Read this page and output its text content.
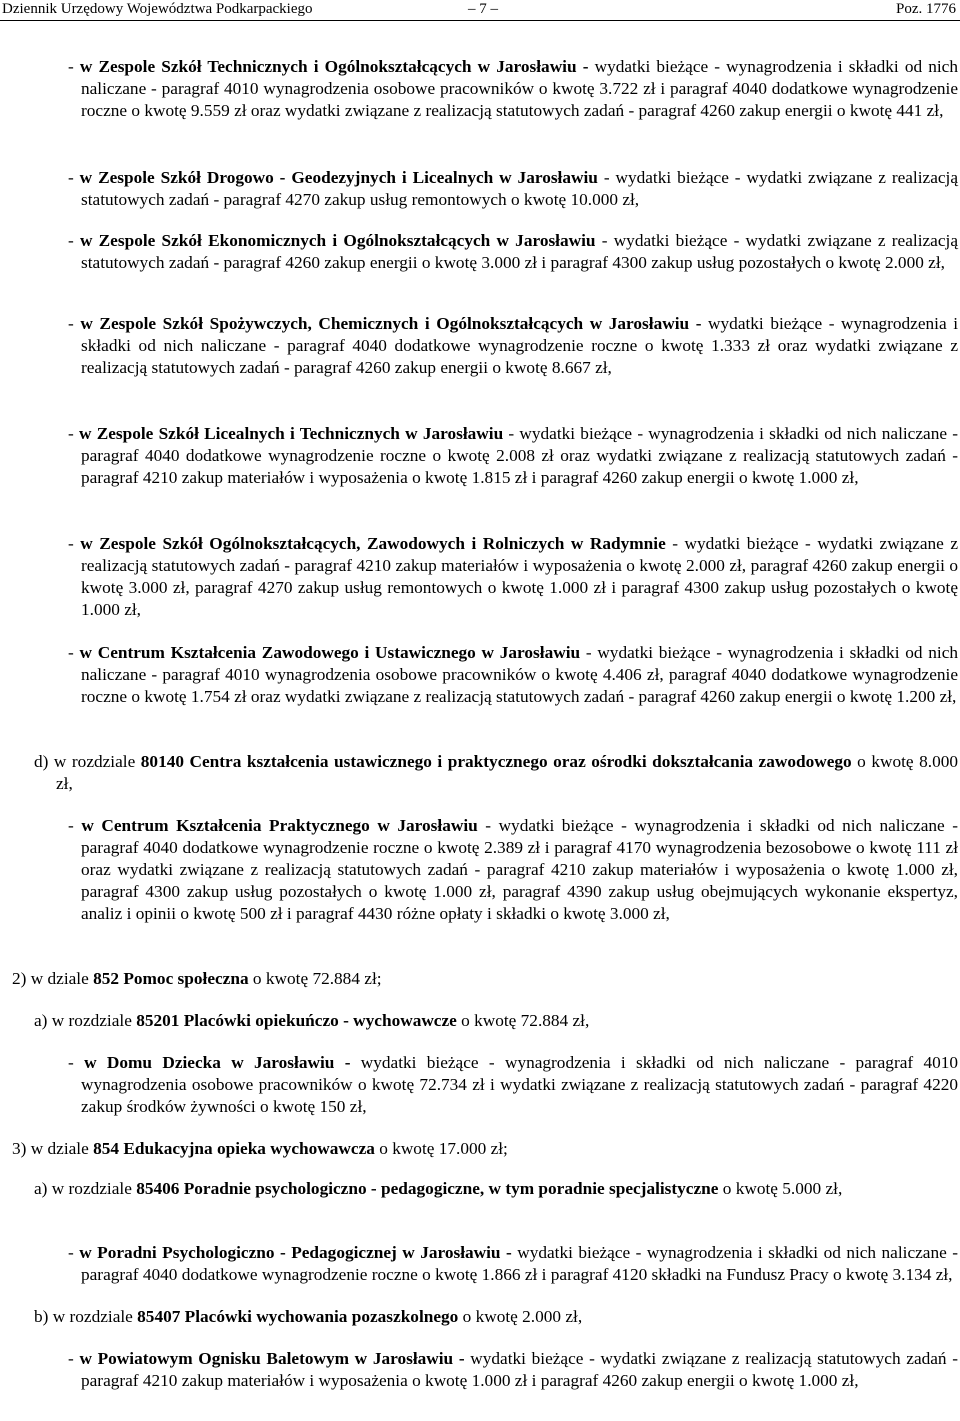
Dziennik Urzędowy Województwa Podkarpackiego	– 7 –	Poz. 1776
- w Zespole Szkół Technicznych i Ogólnokształcących w Jarosławiu - wydatki bieżące - wynagrodzenia i składki od nich naliczane - paragraf 4010 wynagrodzenia osobowe pracowników o kwotę 3.722 zł i paragraf 4040 dodatkowe wynagrodzenie roczne o kwotę 9.559 zł oraz wydatki związane z realizacją statutowych zadań - paragraf 4260 zakup energii o kwotę 441 zł,
- w Zespole Szkół Drogowo - Geodezyjnych i Licealnych w Jarosławiu - wydatki bieżące - wydatki związane z realizacją statutowych zadań - paragraf 4270 zakup usług remontowych o kwotę 10.000 zł,
- w Zespole Szkół Ekonomicznych i Ogólnokształcących w Jarosławiu - wydatki bieżące - wydatki związane z realizacją statutowych zadań - paragraf 4260 zakup energii o kwotę 3.000 zł i paragraf 4300 zakup usług pozostałych o kwotę 2.000 zł,
- w Zespole Szkół Spożywczych, Chemicznych i Ogólnokształcących w Jarosławiu - wydatki bieżące - wynagrodzenia i składki od nich naliczane - paragraf 4040 dodatkowe wynagrodzenie roczne o kwotę 1.333 zł oraz wydatki związane z realizacją statutowych zadań - paragraf 4260 zakup energii o kwotę 8.667 zł,
- w Zespole Szkół Licealnych i Technicznych w Jarosławiu - wydatki bieżące - wynagrodzenia i składki od nich naliczane - paragraf 4040 dodatkowe wynagrodzenie roczne o kwotę 2.008 zł oraz wydatki związane z realizacją statutowych zadań - paragraf 4210 zakup materiałów i wyposażenia o kwotę 1.815 zł i paragraf 4260 zakup energii o kwotę 1.000 zł,
- w Zespole Szkół Ogólnokształcących, Zawodowych i Rolniczych w Radymnie - wydatki bieżące - wydatki związane z realizacją statutowych zadań - paragraf 4210 zakup materiałów i wyposażenia o kwotę 2.000 zł, paragraf 4260 zakup energii o kwotę 3.000 zł, paragraf 4270 zakup usług remontowych o kwotę 1.000 zł i paragraf 4300 zakup usług pozostałych o kwotę 1.000 zł,
- w Centrum Kształcenia Zawodowego i Ustawicznego w Jarosławiu - wydatki bieżące - wynagrodzenia i składki od nich naliczane - paragraf 4010 wynagrodzenia osobowe pracowników o kwotę 4.406 zł, paragraf 4040 dodatkowe wynagrodzenie roczne o kwotę 1.754 zł oraz wydatki związane z realizacją statutowych zadań - paragraf 4260 zakup energii o kwotę 1.200 zł,
d) w rozdziale 80140 Centra kształcenia ustawicznego i praktycznego oraz ośrodki dokształcania zawodowego o kwotę 8.000 zł,
- w Centrum Kształcenia Praktycznego w Jarosławiu - wydatki bieżące - wynagrodzenia i składki od nich naliczane - paragraf 4040 dodatkowe wynagrodzenie roczne o kwotę 2.389 zł i paragraf 4170 wynagrodzenia bezosobowe o kwotę 111 zł oraz wydatki związane z realizacją statutowych zadań - paragraf 4210 zakup materiałów i wyposażenia o kwotę 1.000 zł, paragraf 4300 zakup usług pozostałych o kwotę 1.000 zł, paragraf 4390 zakup usług obejmujących wykonanie ekspertyz, analiz i opinii o kwotę 500 zł i paragraf 4430 różne opłaty i składki o kwotę 3.000 zł,
2) w dziale 852 Pomoc społeczna o kwotę 72.884 zł;
a) w rozdziale 85201 Placówki opiekuńczo - wychowawcze o kwotę 72.884 zł,
- w Domu Dziecka w Jarosławiu - wydatki bieżące - wynagrodzenia i składki od nich naliczane - paragraf 4010 wynagrodzenia osobowe pracowników o kwotę 72.734 zł i wydatki związane z realizacją statutowych zadań - paragraf 4220 zakup środków żywności o kwotę 150 zł,
3) w dziale 854 Edukacyjna opieka wychowawcza o kwotę 17.000 zł;
a) w rozdziale 85406 Poradnie psychologiczno - pedagogiczne, w tym poradnie specjalistyczne o kwotę 5.000 zł,
- w Poradni Psychologiczno - Pedagogicznej w Jarosławiu - wydatki bieżące - wynagrodzenia i składki od nich naliczane - paragraf 4040 dodatkowe wynagrodzenie roczne o kwotę 1.866 zł i paragraf 4120 składki na Fundusz Pracy o kwotę 3.134 zł,
b) w rozdziale 85407 Placówki wychowania pozaszkolnego o kwotę 2.000 zł,
- w Powiatowym Ognisku Baletowym w Jarosławiu - wydatki bieżące - wydatki związane z realizacją statutowych zadań - paragraf 4210 zakup materiałów i wyposażenia o kwotę 1.000 zł i paragraf 4260 zakup energii o kwotę 1.000 zł,
